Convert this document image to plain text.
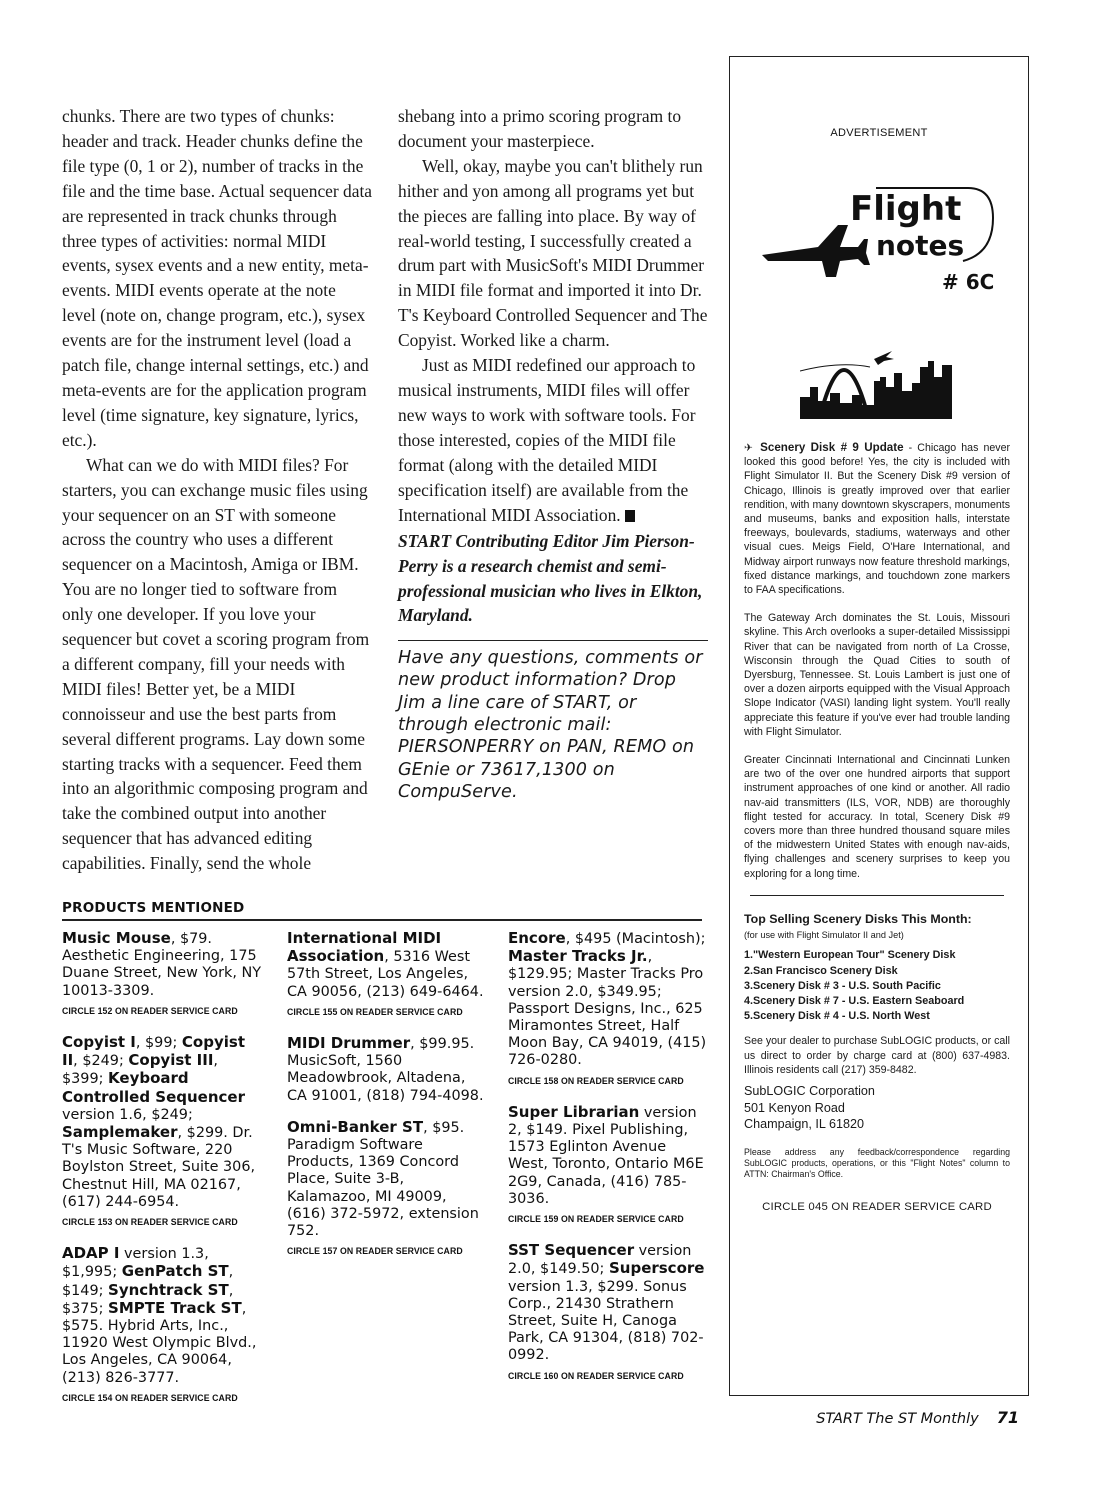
chunks. There are two types of chunks: header and track. Header chunks define the file type (0, 1 or 2), number of tracks in the file and the time base. Actual sequencer data are represented in track chunks through three types of activities: normal MIDI events, sysex events and a new entity, meta-events. MIDI events operate at the note level (note on, change program, etc.), sysex events are for the instrument level (load a patch file, change internal settings, etc.) and meta-events are for the application program level (time signature, key signature, lyrics, etc.).

What can we do with MIDI files? For starters, you can exchange music files using your sequencer on an ST with someone across the country who uses a different sequencer on a Macintosh, Amiga or IBM. You are no longer tied to software from only one developer. If you love your sequencer but covet a scoring program from a different company, fill your needs with MIDI files! Better yet, be a MIDI connoisseur and use the best parts from several different programs. Lay down some starting tracks with a sequencer. Feed them into an algorithmic composing program and take the combined output into another sequencer that has advanced editing capabilities. Finally, send the whole shebang into a primo scoring program to document your masterpiece.

Well, okay, maybe you can't blithely run hither and yon among all programs yet but the pieces are falling into place. By way of real-world testing, I successfully created a drum part with MusicSoft's MIDI Drummer in MIDI file format and imported it into Dr. T's Keyboard Controlled Sequencer and The Copyist. Worked like a charm.

Just as MIDI redefined our approach to musical instruments, MIDI files will offer new ways to work with software tools. For those interested, copies of the MIDI file format (along with the detailed MIDI specification itself) are available from the International MIDI Association.

START Contributing Editor Jim Pierson-Perry is a research chemist and semi-professional musician who lives in Elkton, Maryland.

Have any questions, comments or new product information? Drop Jim a line care of START, or through electronic mail: PIERSONPERRY on PAN, REMO on GEnie or 73617,1300 on CompuServe.

PRODUCTS MENTIONED
Music Mouse, $79. Aesthetic Engineering, 175 Duane Street, New York, NY 10013-3309.
CIRCLE 152 ON READER SERVICE CARD
Copyist I, $99; Copyist II, $249; Copyist III, $399; Keyboard Controlled Sequencer version 1.6, $249; Samplemaker, $299. Dr. T's Music Software, 220 Boylston Street, Suite 306, Chestnut Hill, MA 02167, (617) 244-6954.
CIRCLE 153 ON READER SERVICE CARD
ADAP I version 1.3, $1,995; GenPatch ST, $149; Synchtrack ST, $375; SMPTE Track ST, $575. Hybrid Arts, Inc., 11920 West Olympic Blvd., Los Angeles, CA 90064, (213) 826-3777.
CIRCLE 154 ON READER SERVICE CARD
International MIDI Association, 5316 West 57th Street, Los Angeles, CA 90056, (213) 649-6464.
CIRCLE 155 ON READER SERVICE CARD
MIDI Drummer, $99.95. MusicSoft, 1560 Meadowbrook, Altadena, CA 91001, (818) 794-4098.
Omni-Banker ST, $95. Paradigm Software Products, 1369 Concord Place, Suite 3-B, Kalamazoo, MI 49009, (616) 372-5972, extension 752.
CIRCLE 157 ON READER SERVICE CARD
Encore, $495 (Macintosh); Master Tracks Jr., $129.95; Master Tracks Pro version 2.0, $349.95; Passport Designs, Inc., 625 Miramontes Street, Half Moon Bay, CA 94019, (415) 726-0280.
CIRCLE 158 ON READER SERVICE CARD
Super Librarian version 2, $149. Pixel Publishing, 1573 Eglinton Avenue West, Toronto, Ontario M6E 2G9, Canada, (416) 785-3036.
CIRCLE 159 ON READER SERVICE CARD
SST Sequencer version 2.0, $149.50; Superscore version 1.3, $299. Sonus Corp., 21430 Strathern Street, Suite H, Canoga Park, CA 91304, (818) 702-0992.
CIRCLE 160 ON READER SERVICE CARD
ADVERTISEMENT
Flight
notes
# 6C

✈ Scenery Disk # 9 Update - Chicago has never looked this good before! Yes, the city is included with Flight Simulator II. But the Scenery Disk #9 version of Chicago, Illinois is greatly improved over that earlier rendition, with many downtown skyscrapers, monuments and museums, banks and exposition halls, interstate freeways, boulevards, stadiums, waterways and other visual cues. Meigs Field, O'Hare International, and Midway airport runways now feature threshold markings, fixed distance markings, and touchdown zone markers to FAA specifications.

The Gateway Arch dominates the St. Louis, Missouri skyline. This Arch overlooks a super-detailed Mississippi River that can be navigated from north of La Crosse, Wisconsin through the Quad Cities to south of Dyersburg, Tennessee. St. Louis Lambert is just one of over a dozen airports equipped with the Visual Approach Slope Indicator (VASI) landing light system. You'll really appreciate this feature if you've ever had trouble landing with Flight Simulator.

Greater Cincinnati International and Cincinnati Lunken are two of the over one hundred airports that support instrument approaches of one kind or another. All radio nav-aid transmitters (ILS, VOR, NDB) are thoroughly flight tested for accuracy. In total, Scenery Disk #9 covers more than three hundred thousand square miles of the midwestern United States with enough nav-aids, flying challenges and scenery surprises to keep you exploring for a long time.

Top Selling Scenery Disks This Month:
(for use with Flight Simulator II and Jet)
1."Western European Tour" Scenery Disk
2.San Francisco Scenery Disk
3.Scenery Disk # 3 - U.S. South Pacific
4.Scenery Disk # 7 - U.S. Eastern Seaboard
5.Scenery Disk # 4 - U.S. North West

See your dealer to purchase SubLOGIC products, or call us direct to order by charge card at (800) 637-4983. Illinois residents call (217) 359-8482.

SubLOGIC Corporation
501 Kenyon Road
Champaign, IL 61820
Please address any feedback/correspondence regarding SubLOGIC products, operations, or this "Flight Notes" column to ATTN: Chairman's Office.
CIRCLE 045 ON READER SERVICE CARD
START The ST Monthly 71
